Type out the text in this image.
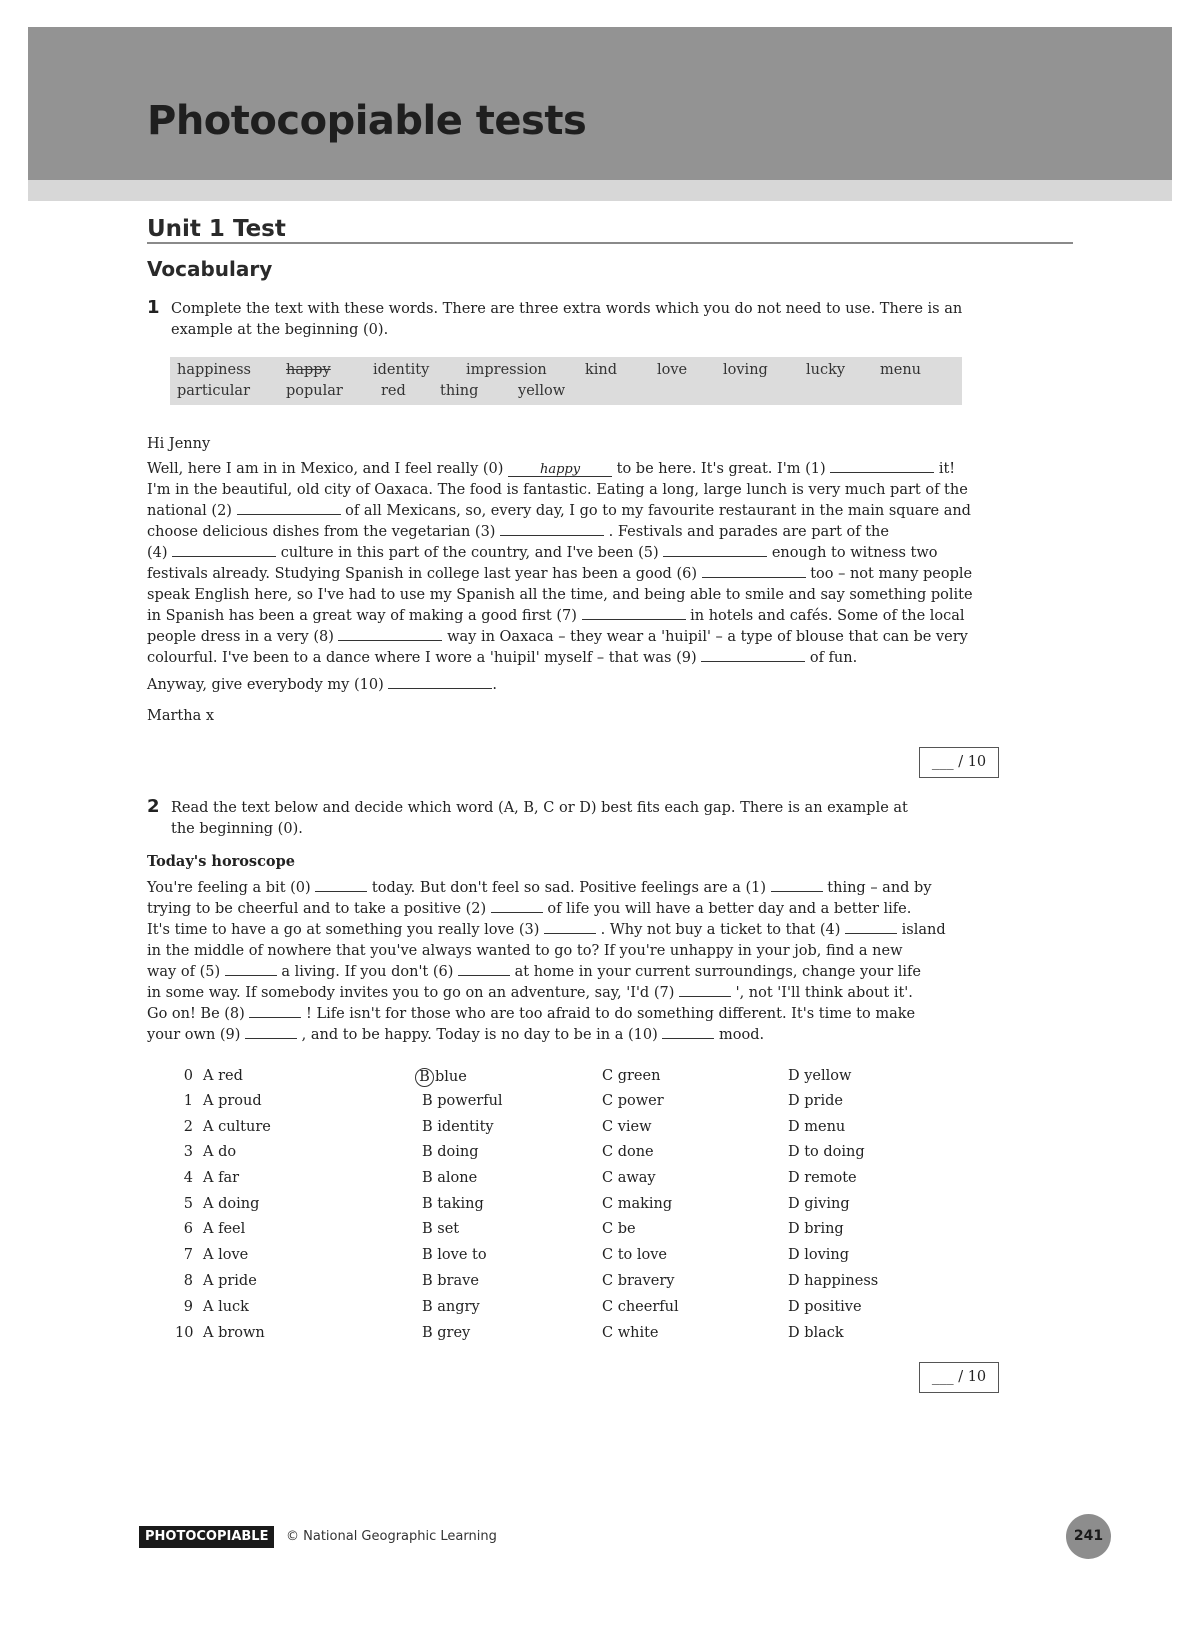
Photocopiable tests
Unit 1 Test
Vocabulary
1 Complete the text with these words. There are three extra words which you do not need to use. There is an

example at the beginning (0).

happiness happy	identity	impression	kind	love loving	lucky menu
particular popular	red thing	yellow

Hi Jenny

Well, here I am in in Mexico, and I feel really (0) happy to be here. It's great. I'm (1)	it!

I'm in the beautiful, old city of Oaxaca. The food is fantastic. Eating a long, large lunch is very much part of the

national (2)	of all Mexicans, so, every day, I go to my favourite restaurant in the main square and

choose delicious dishes from the vegetarian (3)	. Festivals and parades are part of the

(4)	culture in this part of the country, and I've been (5)	enough to witness two

festivals already. Studying Spanish in college last year has been a good (6)	too – not many people

speak English here, so I've had to use my Spanish all the time, and being able to smile and say something polite

in Spanish has been a great way of making a good first (7)	in hotels and cafés. Some of the local

people dress in a very (8)	way in Oaxaca – they wear a 'huipil' – a type of blouse that can be very

colourful. I've been to a dance where I wore a 'huipil' myself – that was (9)	of fun.

Anyway, give everybody my (10)	.

Martha x

___ / 10
2 Read the text below and decide which word (A, B, C or D) best fits each gap. There is an example at

the beginning (0).

Today's horoscope

You're feeling a bit (0)	today. But don't feel so sad. Positive feelings are a (1)	thing – and by

trying to be cheerful and to take a positive (2)	of life you will have a better day and a better life.

It's time to have a go at something you really love (3)	. Why not buy a ticket to that (4)	island

in the middle of nowhere that you've always wanted to go to? If you're unhappy in your job, find a new

way of (5)	a living. If you don't (6)	at home in your current surroundings, change your life

in some way. If somebody invites you to go on an adventure, say, 'I'd (7)	', not 'I'll think about it'.

Go on! Be (8)	! Life isn't for those who are too afraid to do something different. It's time to make

your own (9)	, and to be happy. Today is no day to be in a (10)	mood.

0 A red	B blue	C green	D yellow
1 A proud	B powerful	C power	D pride
2 A culture	B identity	C view	D menu
3 A do	B doing	C done	D to doing
4 A far	B alone	C away	D remote
5 A doing	B taking	C making	D giving
6 A feel	B set	C be	D bring
7 A love	B love to	C to love	D loving
8 A pride	B brave	C bravery	D happiness
9 A luck	B angry	C cheerful	D positive
10 A brown	B grey	C white	D black
___ / 10
PHOTOCOPIABLE	© National Geographic Learning	241
